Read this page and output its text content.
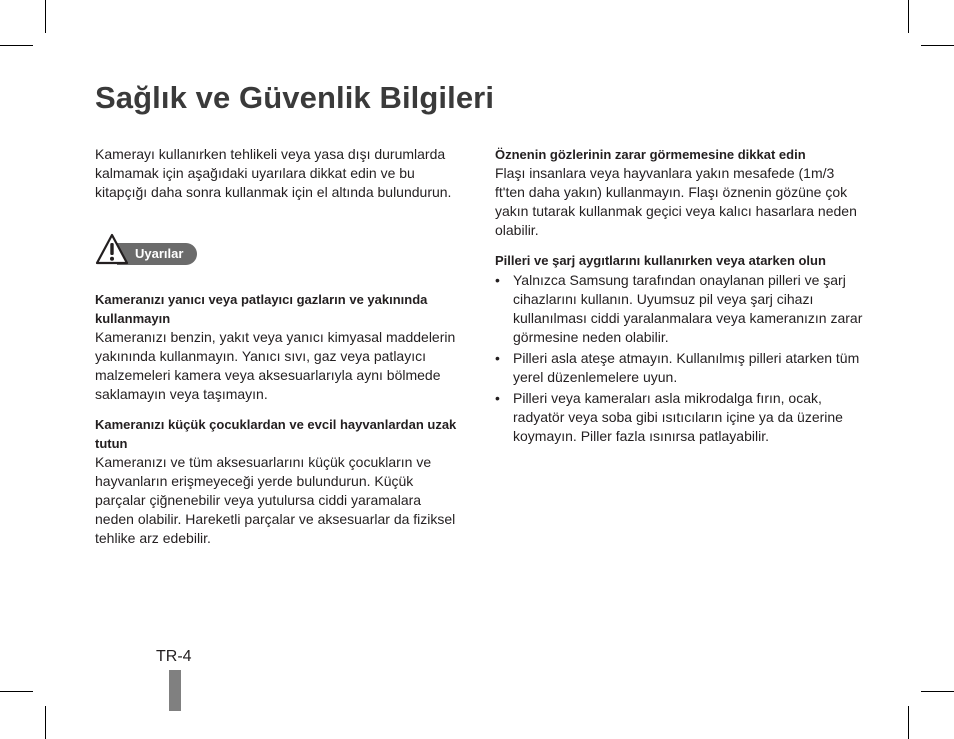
Sağlık ve Güvenlik Bilgileri

Kamerayı kullanırken tehlikeli veya yasa dışı durumlarda kalmamak için aşağıdaki uyarılara dikkat edin ve bu kitapçığı daha sonra kullanmak için el altında bulundurun.

Uyarılar
Kameranızı yanıcı veya patlayıcı gazların ve yakınında kullanmayın

Kameranızı benzin, yakıt veya yanıcı kimyasal maddelerin yakınında kullanmayın. Yanıcı sıvı, gaz veya patlayıcı malzemeleri kamera veya aksesuarlarıyla aynı bölmede saklamayın veya taşımayın.

Kameranızı küçük çocuklardan ve evcil hayvanlardan uzak tutun

Kameranızı ve tüm aksesuarlarını küçük çocukların ve hayvanların erişmeyeceği yerde bulundurun. Küçük parçalar çiğnenebilir veya yutulursa ciddi yaramalara neden olabilir. Hareketli parçalar ve aksesuarlar da fiziksel tehlike arz edebilir.

Öznenin gözlerinin zarar görmemesine dikkat edin

Flaşı insanlara veya hayvanlara yakın mesafede (1m/3 ft'ten daha yakın) kullanmayın. Flaşı öznenin gözüne çok yakın tutarak kullanmak geçici veya kalıcı hasarlara neden olabilir.

Pilleri ve şarj aygıtlarını kullanırken veya atarken olun
• Yalnızca Samsung tarafından onaylanan pilleri ve şarj cihazlarını kullanın. Uyumsuz pil veya şarj cihazı kullanılması ciddi yaralanmalara veya kameranızın zarar görmesine neden olabilir.
• Pilleri asla ateşe atmayın. Kullanılmış pilleri atarken tüm yerel düzenlemelere uyun.
• Pilleri veya kameraları asla mikrodalga fırın, ocak, radyatör veya soba gibi ısıtıcıların içine ya da üzerine koymayın. Piller fazla ısınırsa patlayabilir.
TR-4
